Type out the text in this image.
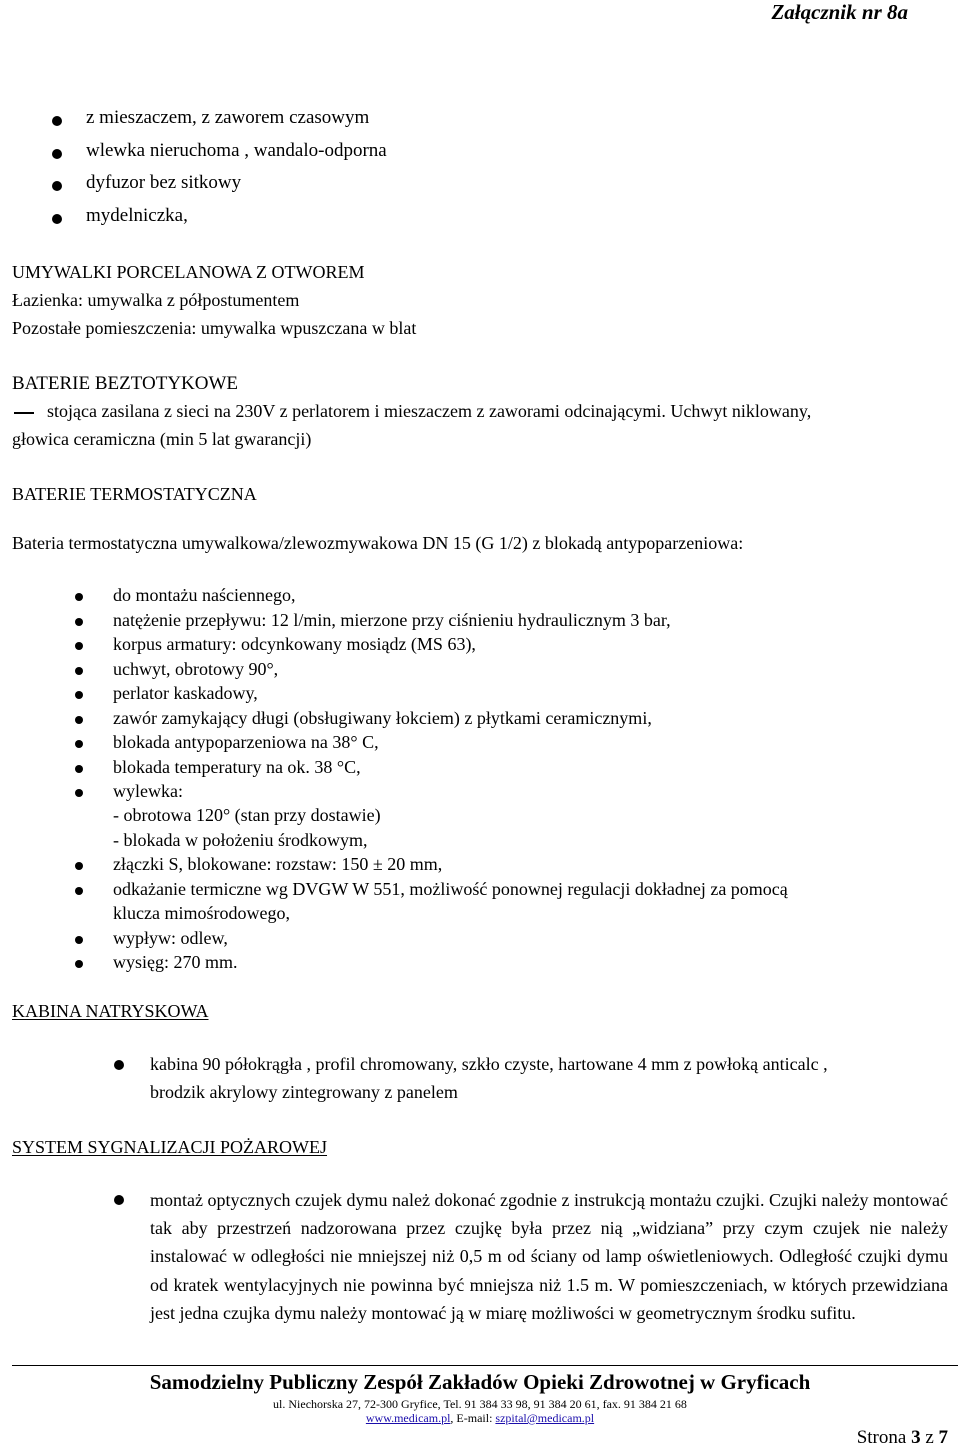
Załącznik nr 8a
z mieszaczem, z zaworem czasowym
wlewka nieruchoma , wandalo-odporna
dyfuzor bez sitkowy
mydelniczka,
UMYWALKI PORCELANOWA Z OTWOREM
Łazienka: umywalka z półpostumentem
Pozostałe pomieszczenia: umywalka wpuszczana w blat
BATERIE BEZTOTYKOWE
stojąca zasilana z sieci na 230V z perlatorem i mieszaczem z zaworami odcinającymi. Uchwyt niklowany,
głowica ceramiczna (min 5 lat gwarancji)
BATERIE TERMOSTATYCZNA
Bateria termostatyczna umywalkowa/zlewozmywakowa DN 15 (G 1/2) z blokadą antypoparzeniowa:
do montażu naściennego,
natężenie przepływu: 12 l/min, mierzone przy ciśnieniu hydraulicznym 3 bar,
korpus armatury: odcynkowany mosiądz (MS 63),
uchwyt, obrotowy 90°,
perlator kaskadowy,
zawór zamykający długi (obsługiwany łokciem) z płytkami ceramicznymi,
blokada antypoparzeniowa na 38° C,
blokada temperatury na ok. 38 °C,
wylewka:
- obrotowa 120° (stan przy dostawie)
- blokada w położeniu środkowym,
złączki S, blokowane: rozstaw: 150 ± 20 mm,
odkażanie termiczne wg DVGW W 551, możliwość ponownej regulacji dokładnej za pomocą
klucza mimośrodowego,
wypływ: odlew,
wysięg: 270 mm.
KABINA NATRYSKOWA
kabina 90 półokrągła , profil chromowany, szkło czyste, hartowane 4 mm z powłoką anticalc ,
brodzik akrylowy zintegrowany z panelem
SYSTEM SYGNALIZACJI POŻAROWEJ
montaż optycznych czujek dymu należ dokonać zgodnie z instrukcją montażu czujki. Czujki należy montować tak aby przestrzeń nadzorowana przez czujkę była przez nią „widziana” przy czym czujek nie należy instalować w odległości nie mniejszej niż 0,5 m od ściany od lamp oświetleniowych. Odległość czujki dymu od kratek wentylacyjnych nie powinna być mniejsza niż 1.5 m. W pomieszczeniach, w których przewidziana jest jedna czujka dymu należy montować ją w miarę możliwości w geometrycznym środku sufitu.
Samodzielny Publiczny Zespół Zakładów Opieki Zdrowotnej w Gryficach
ul. Niechorska 27, 72-300 Gryfice, Tel. 91 384 33 98, 91 384 20 61, fax. 91 384 21 68
www.medicam.pl, E-mail: szpital@medicam.pl
Strona 3 z 7
